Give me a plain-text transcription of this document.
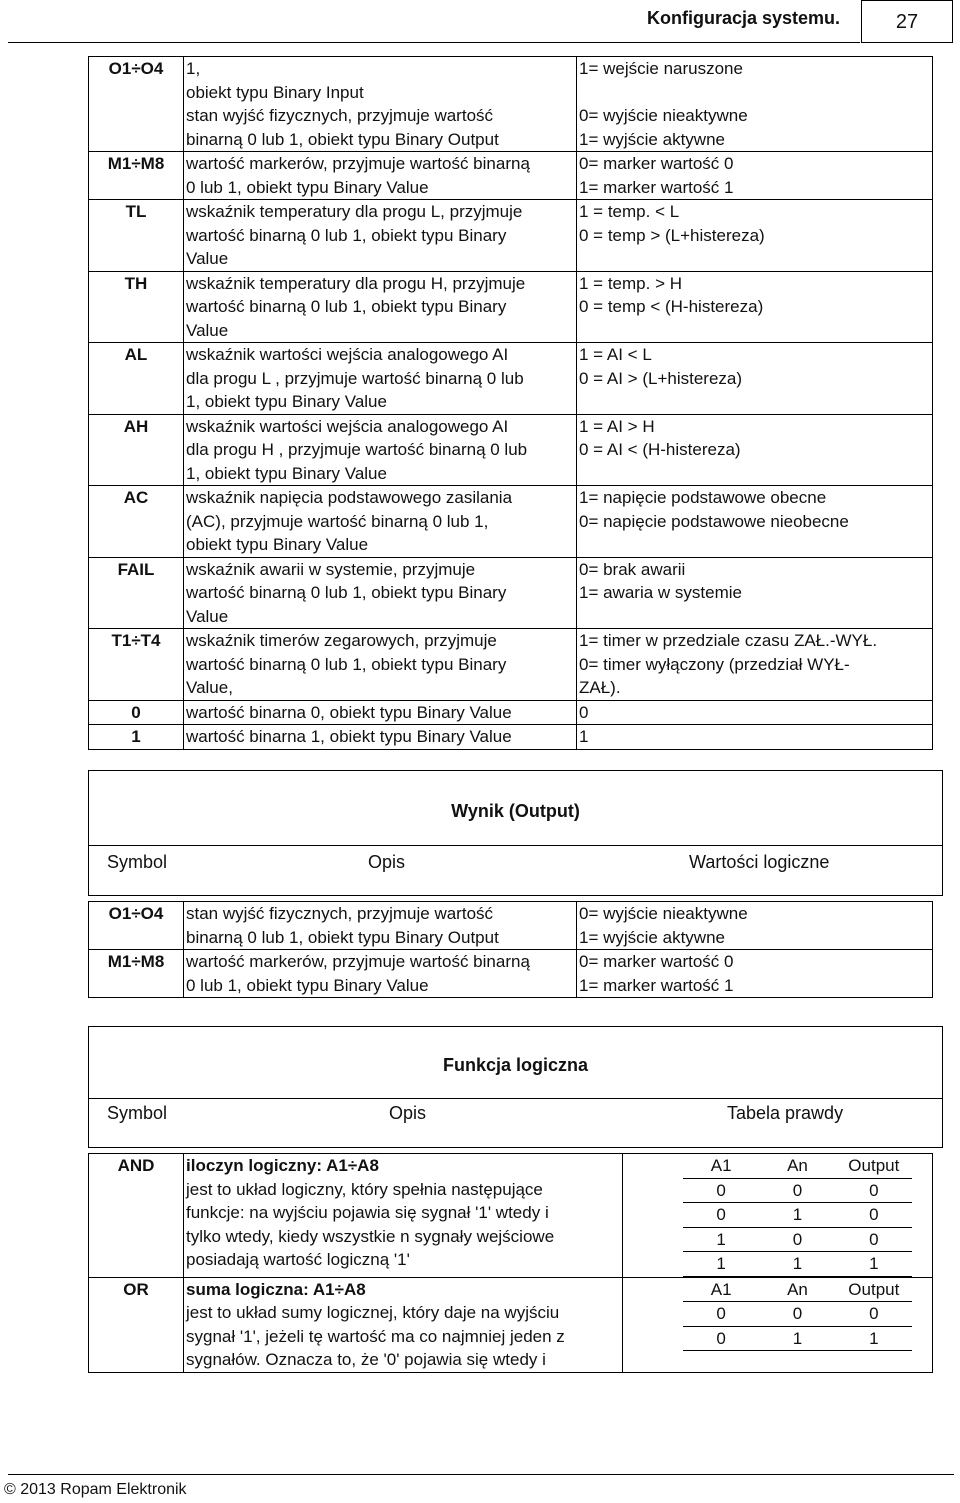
Konfiguracja systemu.	27
O1÷O4	1,
obiekt typu Binary Input
stan wyjść fizycznych, przyjmuje wartość
binarną 0 lub 1, obiekt typu Binary Output	1= wejście naruszone

0= wyjście nieaktywne
1= wyjście aktywne
M1÷M8	wartość markerów, przyjmuje wartość binarną
0 lub 1, obiekt typu Binary Value	0= marker wartość 0
1= marker wartość 1
TL	wskaźnik temperatury dla progu L, przyjmuje
wartość binarną 0 lub 1, obiekt typu Binary
Value	1 = temp. < L
0 = temp > (L+histereza)
TH	wskaźnik temperatury dla progu H, przyjmuje
wartość binarną 0 lub 1, obiekt typu Binary
Value	1 = temp. > H
0 = temp < (H-histereza)
AL	wskaźnik wartości wejścia analogowego AI
dla progu L , przyjmuje wartość binarną 0 lub
1, obiekt typu Binary Value	1 = AI < L
0 = AI > (L+histereza)
AH	wskaźnik wartości wejścia analogowego AI
dla progu H , przyjmuje wartość binarną 0 lub
1, obiekt typu Binary Value	1 = AI > H
0 = AI < (H-histereza)
AC	wskaźnik napięcia podstawowego zasilania
(AC), przyjmuje wartość binarną 0 lub 1,
obiekt typu Binary Value	1= napięcie podstawowe obecne
0= napięcie podstawowe nieobecne
FAIL	wskaźnik awarii w systemie, przyjmuje
wartość binarną 0 lub 1, obiekt typu Binary
Value	0= brak awarii
1= awaria w systemie
T1÷T4	wskaźnik timerów zegarowych, przyjmuje
wartość binarną 0 lub 1, obiekt typu Binary
Value,	1= timer w przedziale czasu ZAŁ.-WYŁ.
0= timer wyłączony (przedział WYŁ-
ZAŁ).
0	wartość binarna 0, obiekt typu Binary Value	0
1	wartość binarna 1, obiekt typu Binary Value	1
Wynik (Output)
Symbol	Opis	Wartości logiczne
O1÷O4	stan wyjść fizycznych, przyjmuje wartość
binarną 0 lub 1, obiekt typu Binary Output	0= wyjście nieaktywne
1= wyjście aktywne
M1÷M8	wartość markerów, przyjmuje wartość binarną
0 lub 1, obiekt typu Binary Value	0= marker wartość 0
1= marker wartość 1
Funkcja logiczna
Symbol	Opis	Tabela prawdy
AND	iloczyn logiczny: A1÷A8
jest to układ logiczny, który spełnia następujące
funkcje: na wyjściu pojawia się sygnał '1' wtedy i
tylko wtedy, kiedy wszystkie n sygnały wejściowe
posiadają wartość logiczną '1'

A1	An	Output
0	0	0
0	1	0
1	0	0
1	1	1

OR	suma logiczna: A1÷A8
jest to układ sumy logicznej, który daje na wyjściu
sygnał '1', jeżeli tę wartość ma co najmniej jeden z
sygnałów. Oznacza to, że '0' pojawia się wtedy i

A1	An	Output
0	0	0
0	1	1
© 2013 Ropam Elektronik
